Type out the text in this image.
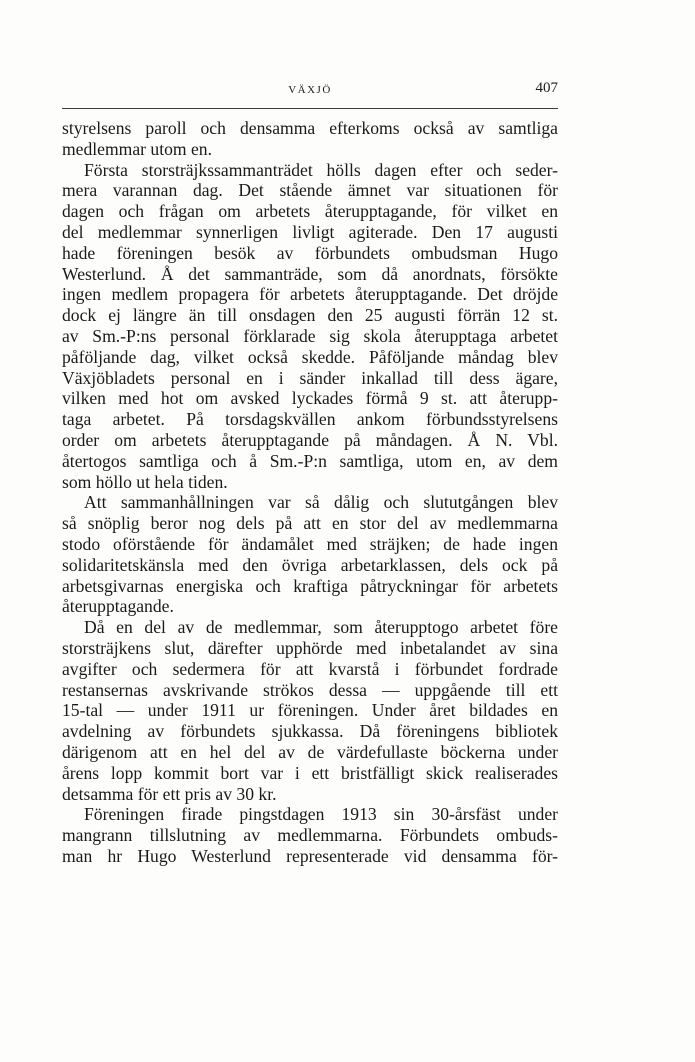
VÄXJÖ	407
styrelsens paroll och densamma efterkoms också av samtliga
medlemmar utom en.
Första storsträjkssammanträdet hölls dagen efter och seder-
mera varannan dag. Det stående ämnet var situationen för
dagen och frågan om arbetets återupptagande, för vilket en
del medlemmar synnerligen livligt agiterade. Den 17 augusti
hade föreningen besök av förbundets ombudsman Hugo
Westerlund. Å det sammanträde, som då anordnats, försökte
ingen medlem propagera för arbetets återupptagande. Det dröjde
dock ej längre än till onsdagen den 25 augusti förrän 12 st.
av Sm.-P:ns personal förklarade sig skola återupptaga arbetet
påföljande dag, vilket också skedde. Påföljande måndag blev
Växjöbladets personal en i sänder inkallad till dess ägare,
vilken med hot om avsked lyckades förmå 9 st. att återupp-
taga arbetet. På torsdagskvällen ankom förbundsstyrelsens
order om arbetets återupptagande på måndagen. Å N. Vbl.
återtogos samtliga och å Sm.-P:n samtliga, utom en, av dem
som höllo ut hela tiden.
Att sammanhållningen var så dålig och slututgången blev
så snöplig beror nog dels på att en stor del av medlemmarna
stodo oförstående för ändamålet med sträjken; de hade ingen
solidaritetskänsla med den övriga arbetarklassen, dels ock på
arbetsgivarnas energiska och kraftiga påtryckningar för arbetets
återupptagande.
Då en del av de medlemmar, som återupptogo arbetet före
storsträjkens slut, därefter upphörde med inbetalandet av sina
avgifter och sedermera för att kvarstå i förbundet fordrade
restansernas avskrivande strökos dessa — uppgående till ett
15-tal — under 1911 ur föreningen. Under året bildades en
avdelning av förbundets sjukkassa. Då föreningens bibliotek
därigenom att en hel del av de värdefullaste böckerna under
årens lopp kommit bort var i ett bristfälligt skick realiserades
detsamma för ett pris av 30 kr.
Föreningen firade pingstdagen 1913 sin 30-årsfäst under
mangrann tillslutning av medlemmarna. Förbundets ombuds-
man hr Hugo Westerlund representerade vid densamma för-
